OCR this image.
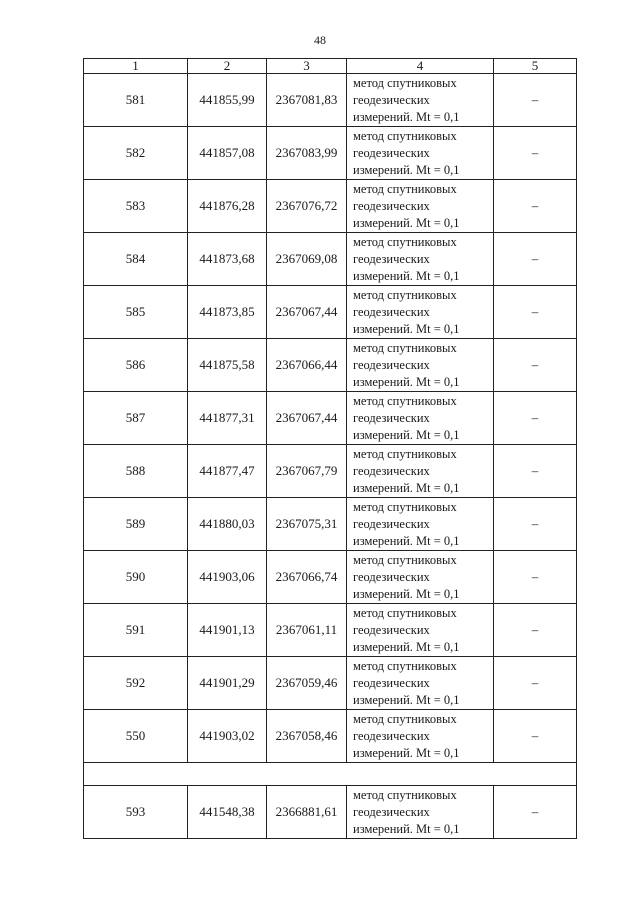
48
1	2	3	4	5
581	441855,99	2367081,83	метод спутниковых
геодезических
измерений. Mt = 0,1	–
582	441857,08	2367083,99	метод спутниковых
геодезических
измерений. Mt = 0,1	–
583	441876,28	2367076,72	метод спутниковых
геодезических
измерений. Mt = 0,1	–
584	441873,68	2367069,08	метод спутниковых
геодезических
измерений. Mt = 0,1	–
585	441873,85	2367067,44	метод спутниковых
геодезических
измерений. Mt = 0,1	–
586	441875,58	2367066,44	метод спутниковых
геодезических
измерений. Mt = 0,1	–
587	441877,31	2367067,44	метод спутниковых
геодезических
измерений. Mt = 0,1	–
588	441877,47	2367067,79	метод спутниковых
геодезических
измерений. Mt = 0,1	–
589	441880,03	2367075,31	метод спутниковых
геодезических
измерений. Mt = 0,1	–
590	441903,06	2367066,74	метод спутниковых
геодезических
измерений. Mt = 0,1	–
591	441901,13	2367061,11	метод спутниковых
геодезических
измерений. Mt = 0,1	–
592	441901,29	2367059,46	метод спутниковых
геодезических
измерений. Mt = 0,1	–
550	441903,02	2367058,46	метод спутниковых
геодезических
измерений. Mt = 0,1	–

593	441548,38	2366881,61	метод спутниковых
геодезических
измерений. Mt = 0,1	–
